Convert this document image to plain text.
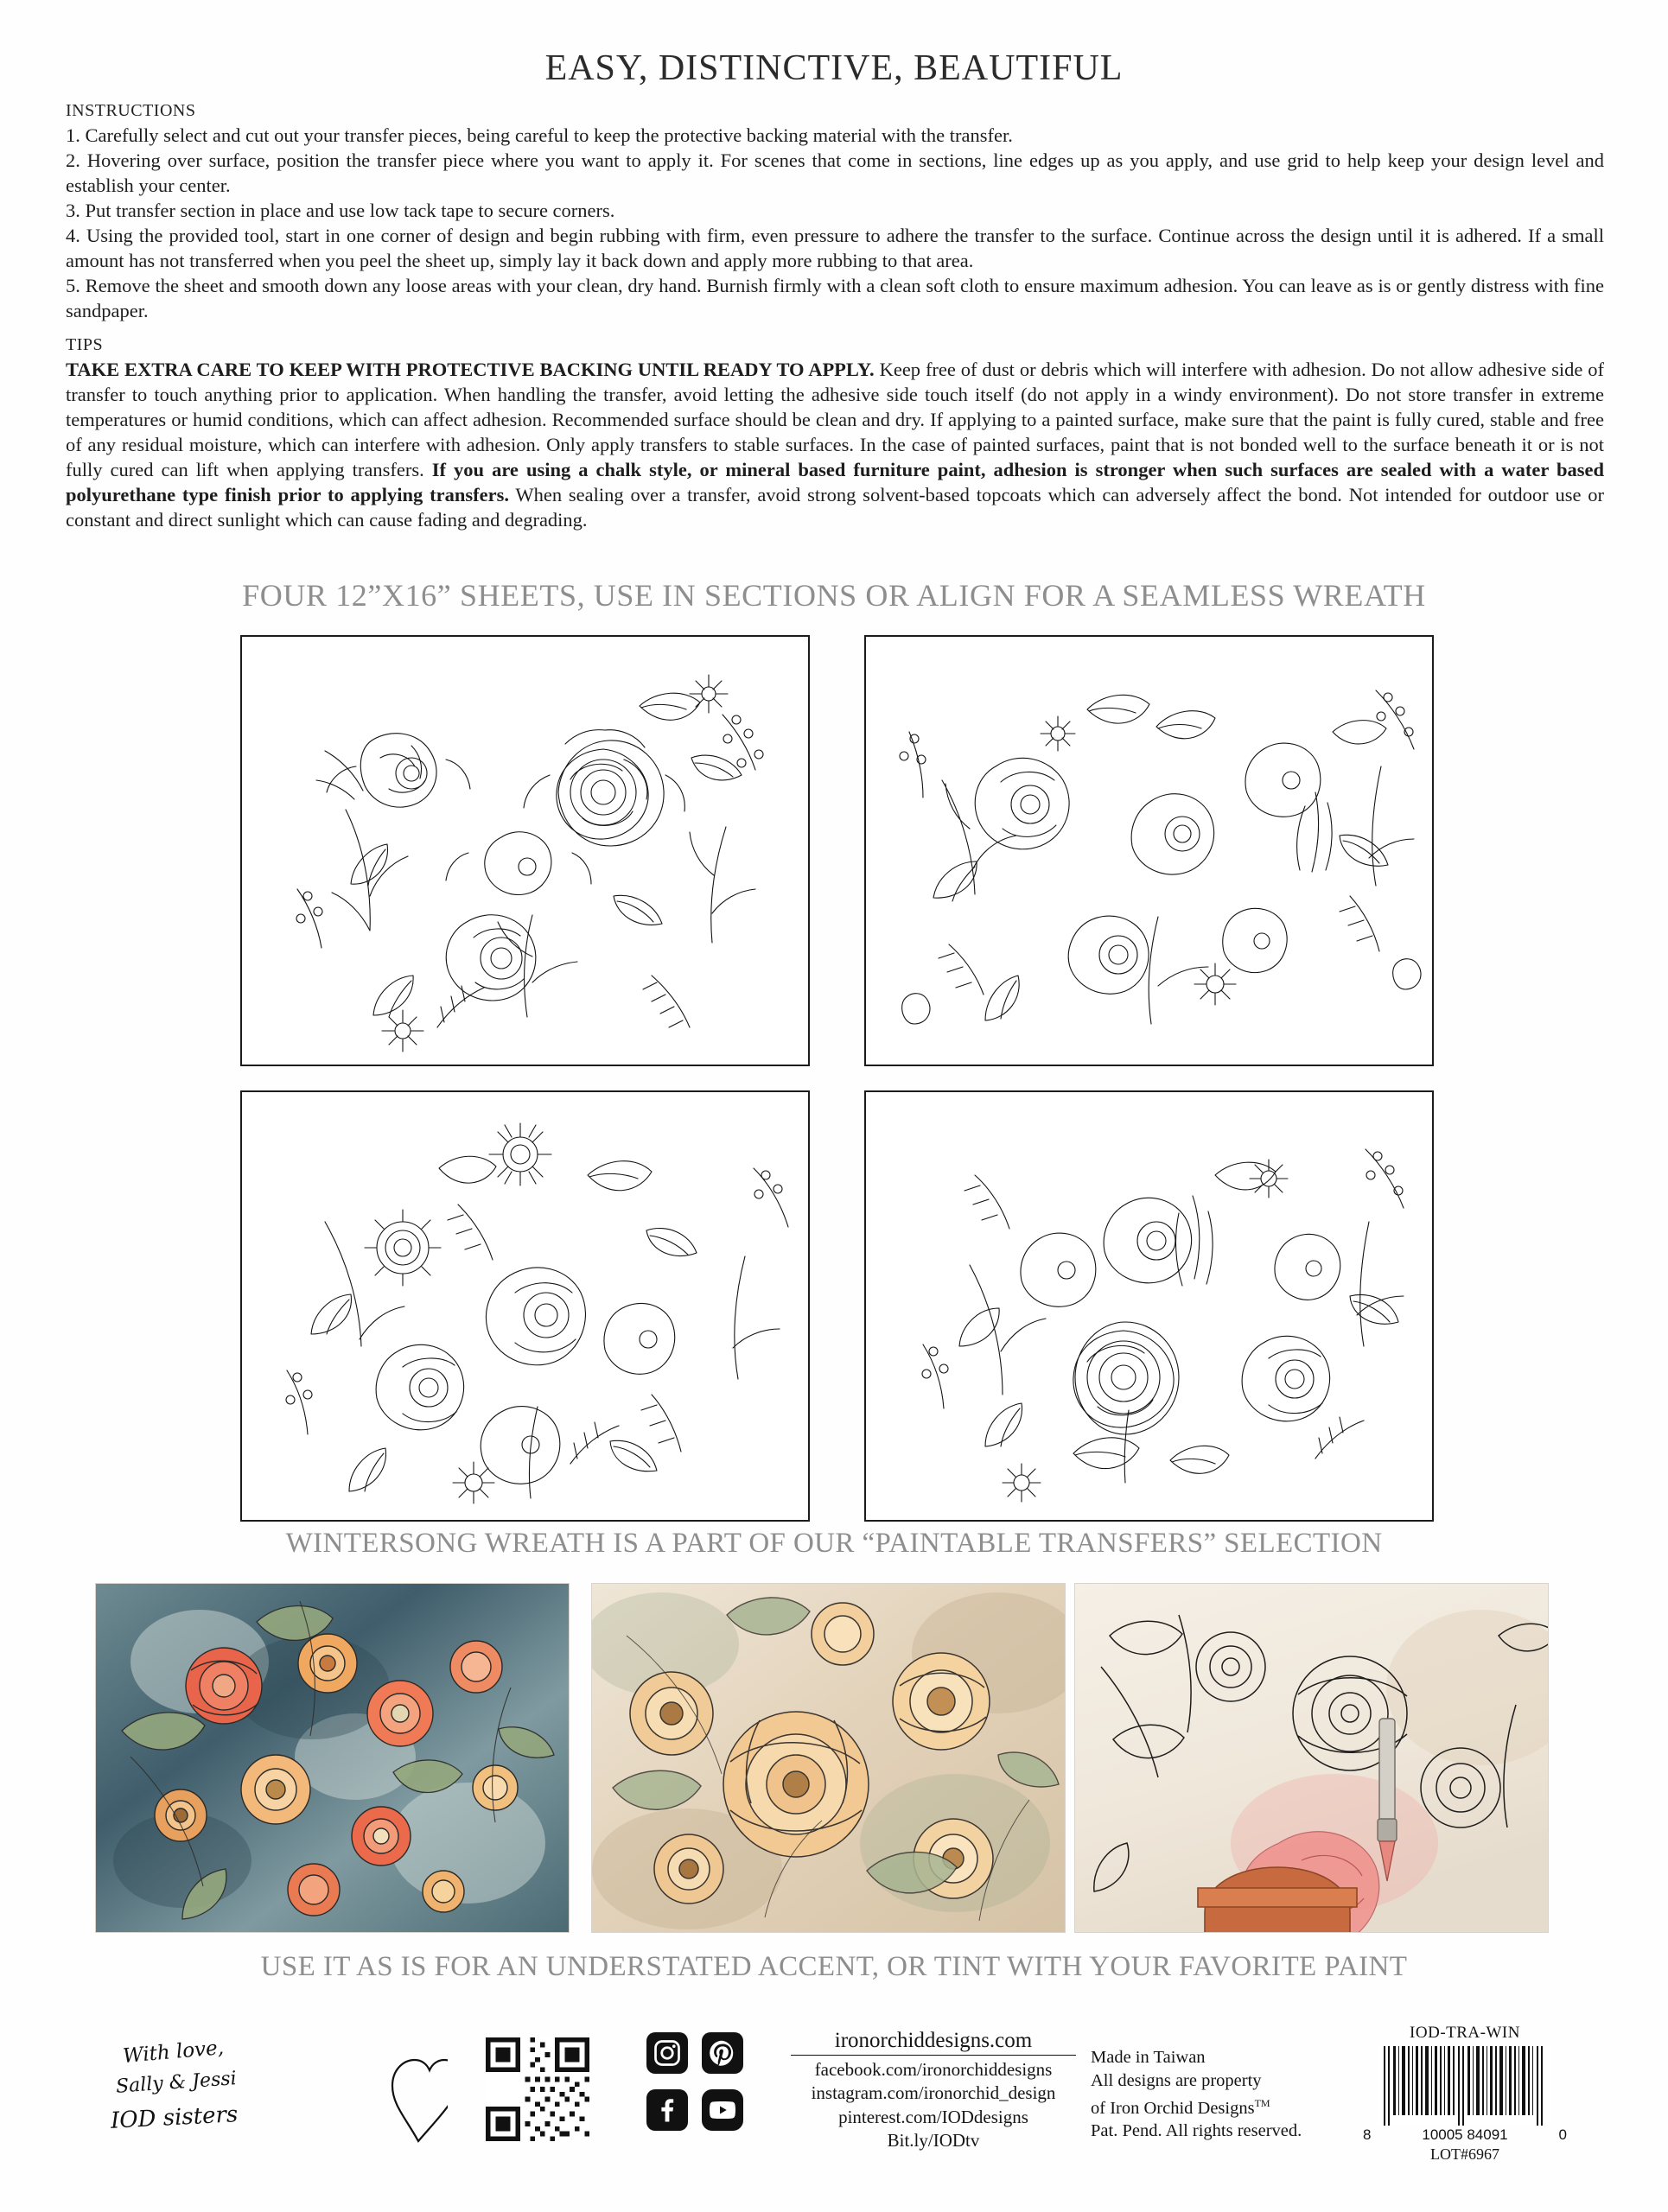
EASY, DISTINCTIVE, BEAUTIFUL
INSTRUCTIONS
1. Carefully select and cut out your transfer pieces, being careful to keep the protective backing material with the transfer.
2. Hovering over surface, position the transfer piece where you want to apply it. For scenes that come in sections, line edges up as you apply, and use grid to help keep your design level and establish your center.
3. Put transfer section in place and use low tack tape to secure corners.
4. Using the provided tool, start in one corner of design and begin rubbing with firm, even pressure to adhere the transfer to the surface. Continue across the design until it is adhered. If a small amount has not transferred when you peel the sheet up, simply lay it back down and apply more rubbing to that area.
5. Remove the sheet and smooth down any loose areas with your clean, dry hand. Burnish firmly with a clean soft cloth to ensure maximum adhesion. You can leave as is or gently distress with fine sandpaper.
TIPS
TAKE EXTRA CARE TO KEEP WITH PROTECTIVE BACKING UNTIL READY TO APPLY. Keep free of dust or debris which will interfere with adhesion. Do not allow adhesive side of transfer to touch anything prior to application. When handling the transfer, avoid letting the adhesive side touch itself (do not apply in a windy environment). Do not store transfer in extreme temperatures or humid conditions, which can affect adhesion. Recommended surface should be clean and dry. If applying to a painted surface, make sure that the paint is fully cured, stable and free of any residual moisture, which can interfere with adhesion. Only apply transfers to stable surfaces. In the case of painted surfaces, paint that is not bonded well to the surface beneath it or is not fully cured can lift when applying transfers. If you are using a chalk style, or mineral based furniture paint, adhesion is stronger when such surfaces are sealed with a water based polyurethane type finish prior to applying transfers. When sealing over a transfer, avoid strong solvent-based topcoats which can adversely affect the bond. Not intended for outdoor use or constant and direct sunlight which can cause fading and degrading.
FOUR 12”X16” SHEETS, USE IN SECTIONS OR ALIGN FOR A SEAMLESS WREATH
WINTERSONG WREATH IS A PART OF OUR “PAINTABLE TRANSFERS” SELECTION
USE IT AS IS FOR AN UNDERSTATED ACCENT, OR TINT WITH YOUR FAVORITE PAINT
With love,
Sally & Jessi
IOD sisters
ironorchiddesigns.com
facebook.com/ironorchiddesigns
instagram.com/ironorchid_design
pinterest.com/IODdesigns
Bit.ly/IODtv
Made in Taiwan
All designs are property
of Iron Orchid Designs™
Pat. Pend. All rights reserved.
IOD-TRA-WIN
8	10005 84091	0
LOT#6967
